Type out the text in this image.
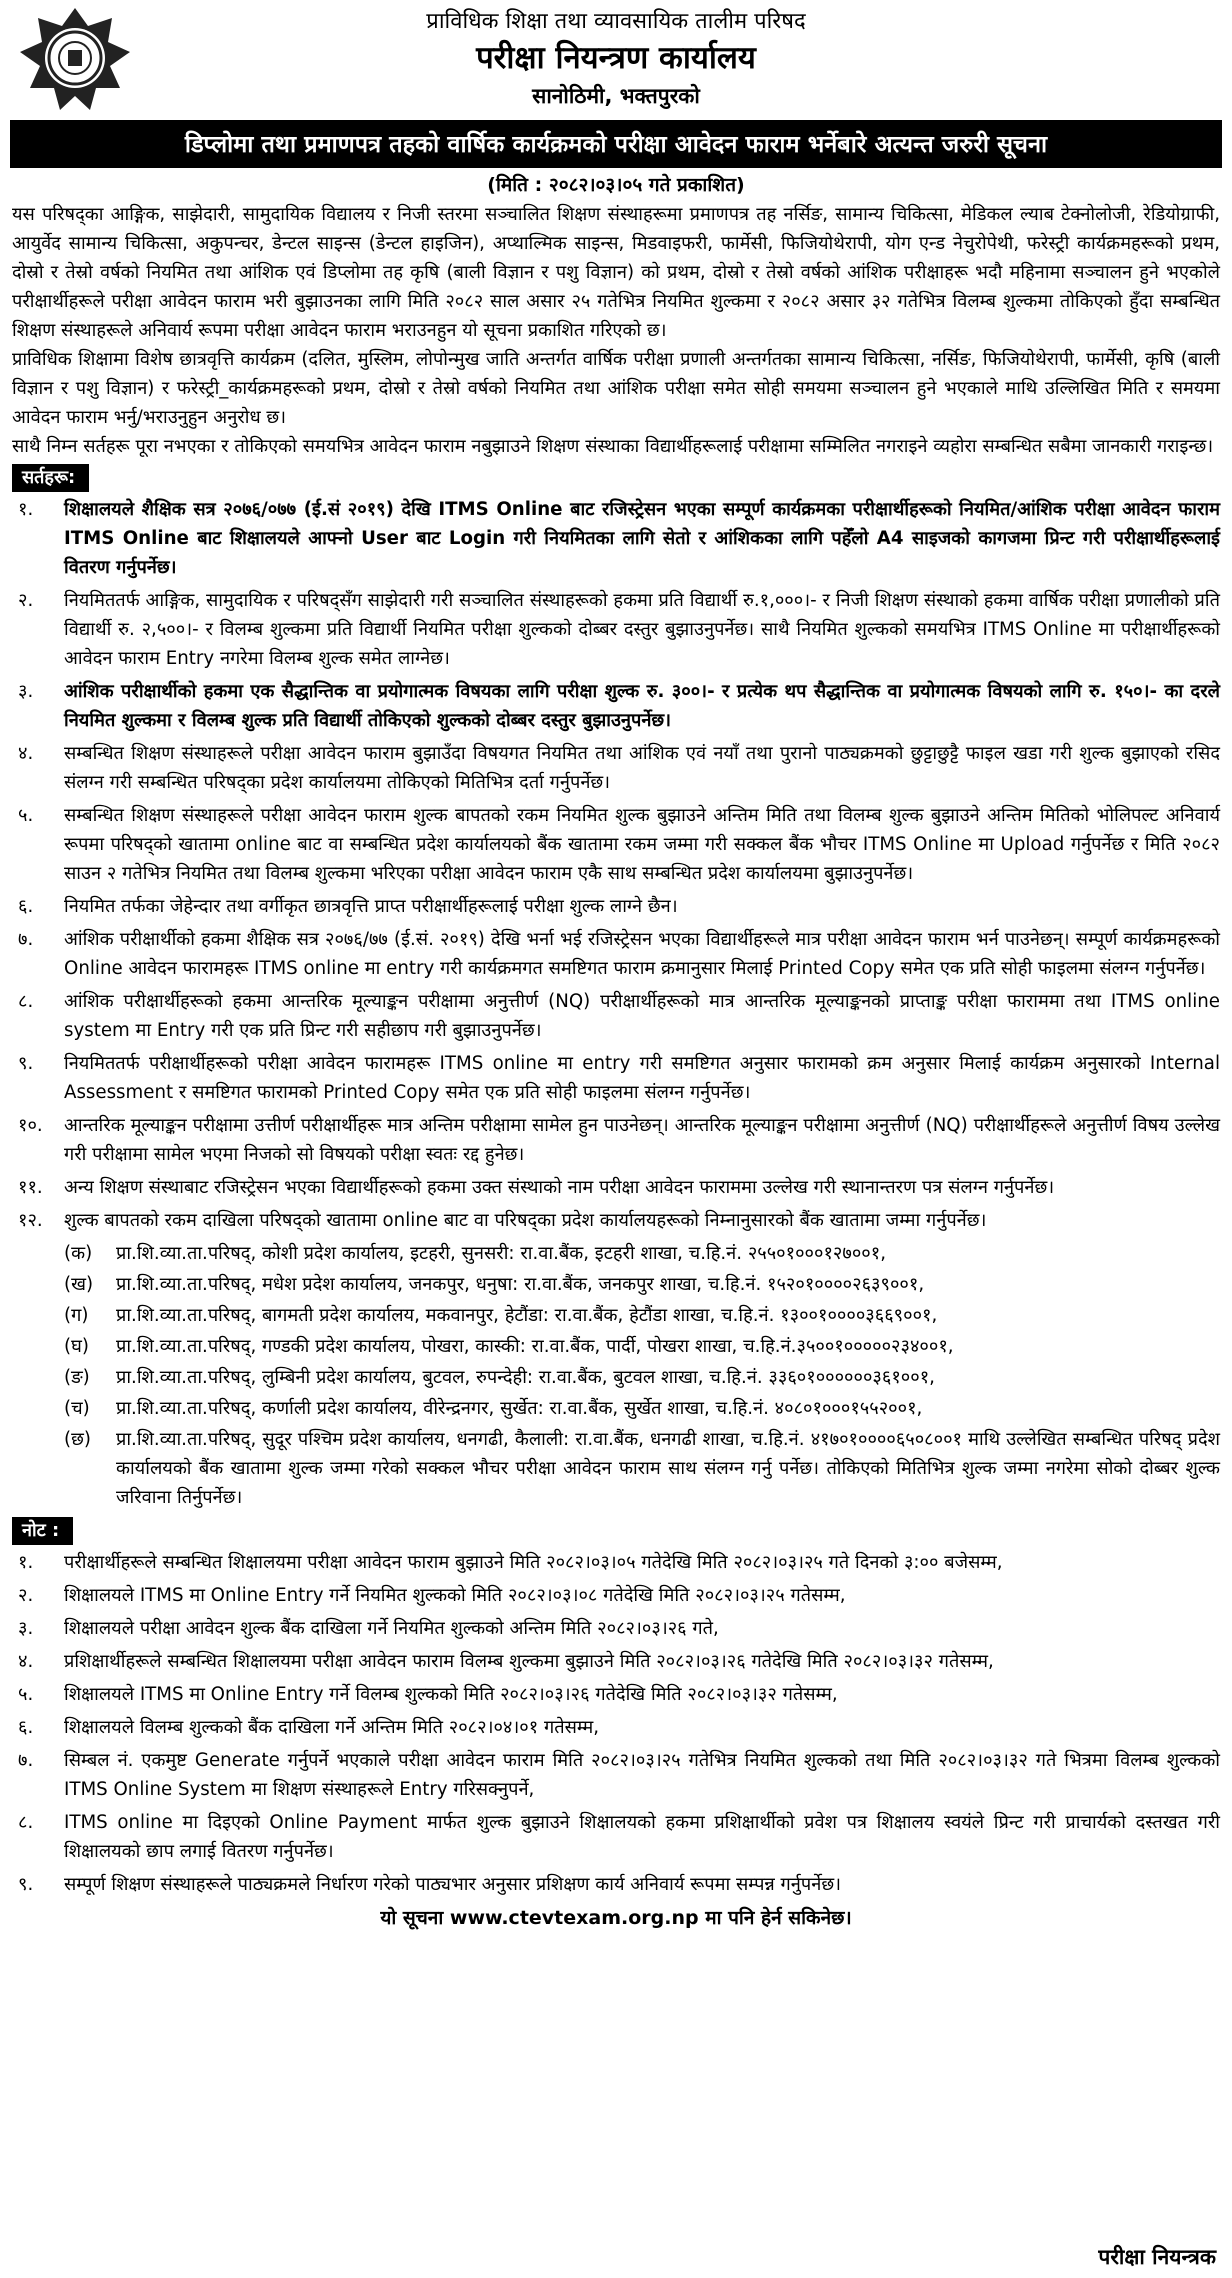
प्राविधिक शिक्षा तथा व्यावसायिक तालीम परिषद
परीक्षा नियन्त्रण कार्यालय
सानोठिमी, भक्तपुरको
डिप्लोमा तथा प्रमाणपत्र तहको वार्षिक कार्यक्रमको परीक्षा आवेदन फाराम भर्नेबारे अत्यन्त जरुरी सूचना
(मिति : २०८२।०३।०५ गते प्रकाशित)

यस परिषद्का आङ्गिक, साझेदारी, सामुदायिक विद्यालय र निजी स्तरमा सञ्चालित शिक्षण संस्थाहरूमा प्रमाणपत्र तह नर्सिङ, सामान्य चिकित्सा, मेडिकल ल्याब टेक्नोलोजी, रेडियोग्राफी, आयुर्वेद सामान्य चिकित्सा, अकुपन्चर, डेन्टल साइन्स (डेन्टल हाइजिन), अप्थाल्मिक साइन्स, मिडवाइफरी, फार्मेसी, फिजियोथेरापी, योग एन्ड नेचुरोपेथी, फरेस्ट्री कार्यक्रमहरूको प्रथम, दोस्रो र तेस्रो वर्षको नियमित तथा आंशिक एवं डिप्लोमा तह कृषि (बाली विज्ञान र पशु विज्ञान) को प्रथम, दोस्रो र तेस्रो वर्षको आंशिक परीक्षाहरू भदौ महिनामा सञ्चालन हुने भएकोले परीक्षार्थीहरूले परीक्षा आवेदन फाराम भरी बुझाउनका लागि मिति २०८२ साल असार २५ गतेभित्र नियमित शुल्कमा र २०८२ असार ३२ गतेभित्र विलम्ब शुल्कमा तोकिएको हुँदा सम्बन्धित शिक्षण संस्थाहरूले अनिवार्य रूपमा परीक्षा आवेदन फाराम भराउनहुन यो सूचना प्रकाशित गरिएको छ।

प्राविधिक शिक्षामा विशेष छात्रवृत्ति कार्यक्रम (दलित, मुस्लिम, लोपोन्मुख जाति अन्तर्गत वार्षिक परीक्षा प्रणाली अन्तर्गतका सामान्य चिकित्सा, नर्सिङ, फिजियोथेरापी, फार्मेसी, कृषि (बाली विज्ञान र पशु विज्ञान) र फरेस्ट्री_कार्यक्रमहरूको प्रथम, दोस्रो र तेस्रो वर्षको नियमित तथा आंशिक परीक्षा समेत सोही समयमा सञ्चालन हुने भएकाले माथि उल्लिखित मिति र समयमा आवेदन फाराम भर्नु/भराउनुहुन अनुरोध छ।

साथै निम्न सर्तहरू पूरा नभएका र तोकिएको समयभित्र आवेदन फाराम नबुझाउने शिक्षण संस्थाका विद्यार्थीहरूलाई परीक्षामा सम्मिलित नगराइने व्यहोरा सम्बन्धित सबैमा जानकारी गराइन्छ।

सर्तहरू:
१.	शिक्षालयले शैक्षिक सत्र २०७६/०७७ (ई.सं २०१९) देखि ITMS Online बाट रजिस्ट्रेसन भएका सम्पूर्ण कार्यक्रमका परीक्षार्थीहरूको नियमित/आंशिक परीक्षा आवेदन फाराम ITMS Online बाट शिक्षालयले आफ्नो User बाट Login गरी नियमितका लागि सेतो र आंशिकका लागि पहेँलो A4 साइजको कागजमा प्रिन्ट गरी परीक्षार्थीहरूलाई वितरण गर्नुपर्नेछ।
२.	नियमिततर्फ आङ्गिक, सामुदायिक र परिषद्सँग साझेदारी गरी सञ्चालित संस्थाहरूको हकमा प्रति विद्यार्थी रु.१,०००।- र निजी शिक्षण संस्थाको हकमा वार्षिक परीक्षा प्रणालीको प्रति विद्यार्थी रु. २,५००।- र विलम्ब शुल्कमा प्रति विद्यार्थी नियमित परीक्षा शुल्कको दोब्बर दस्तुर बुझाउनुपर्नेछ। साथै नियमित शुल्कको समयभित्र ITMS Online मा परीक्षार्थीहरूको आवेदन फाराम Entry नगरेमा विलम्ब शुल्क समेत लाग्नेछ।
३.	आंशिक परीक्षार्थीको हकमा एक सैद्धान्तिक वा प्रयोगात्मक विषयका लागि परीक्षा शुल्क रु. ३००।- र प्रत्येक थप सैद्धान्तिक वा प्रयोगात्मक विषयको लागि रु. १५०।- का दरले नियमित शुल्कमा र विलम्ब शुल्क प्रति विद्यार्थी तोकिएको शुल्कको दोब्बर दस्तुर बुझाउनुपर्नेछ।
४.	सम्बन्धित शिक्षण संस्थाहरूले परीक्षा आवेदन फाराम बुझाउँदा विषयगत नियमित तथा आंशिक एवं नयाँ तथा पुरानो पाठ्यक्रमको छुट्टाछुट्टै फाइल खडा गरी शुल्क बुझाएको रसिद संलग्न गरी सम्बन्धित परिषद्का प्रदेश कार्यालयमा तोकिएको मितिभित्र दर्ता गर्नुपर्नेछ।
५.	सम्बन्धित शिक्षण संस्थाहरूले परीक्षा आवेदन फाराम शुल्क बापतको रकम नियमित शुल्क बुझाउने अन्तिम मिति तथा विलम्ब शुल्क बुझाउने अन्तिम मितिको भोलिपल्ट अनिवार्य रूपमा परिषद्को खातामा online बाट वा सम्बन्धित प्रदेश कार्यालयको बैंक खातामा रकम जम्मा गरी सक्कल बैंक भौचर ITMS Online मा Upload गर्नुपर्नेछ र मिति २०८२ साउन २ गतेभित्र नियमित तथा विलम्ब शुल्कमा भरिएका परीक्षा आवेदन फाराम एकै साथ सम्बन्धित प्रदेश कार्यालयमा बुझाउनुपर्नेछ।
६.	नियमित तर्फका जेहेन्दार तथा वर्गीकृत छात्रवृत्ति प्राप्त परीक्षार्थीहरूलाई परीक्षा शुल्क लाग्ने छैन।
७.	आंशिक परीक्षार्थीको हकमा शैक्षिक सत्र २०७६/७७ (ई.सं. २०१९) देखि भर्ना भई रजिस्ट्रेसन भएका विद्यार्थीहरूले मात्र परीक्षा आवेदन फाराम भर्न पाउनेछन्। सम्पूर्ण कार्यक्रमहरूको Online आवेदन फारामहरू ITMS online मा entry गरी कार्यक्रमगत समष्टिगत फाराम क्रमानुसार मिलाई Printed Copy समेत एक प्रति सोही फाइलमा संलग्न गर्नुपर्नेछ।
८.	आंशिक परीक्षार्थीहरूको हकमा आन्तरिक मूल्याङ्कन परीक्षामा अनुत्तीर्ण (NQ) परीक्षार्थीहरूको मात्र आन्तरिक मूल्याङ्कनको प्राप्ताङ्क परीक्षा फाराममा तथा ITMS online system मा Entry गरी एक प्रति प्रिन्ट गरी सहीछाप गरी बुझाउनुपर्नेछ।
९.	नियमिततर्फ परीक्षार्थीहरूको परीक्षा आवेदन फारामहरू ITMS online मा entry गरी समष्टिगत अनुसार फारामको क्रम अनुसार मिलाई कार्यक्रम अनुसारको Internal Assessment र समष्टिगत फारामको Printed Copy समेत एक प्रति सोही फाइलमा संलग्न गर्नुपर्नेछ।
१०.	आन्तरिक मूल्याङ्कन परीक्षामा उत्तीर्ण परीक्षार्थीहरू मात्र अन्तिम परीक्षामा सामेल हुन पाउनेछन्। आन्तरिक मूल्याङ्कन परीक्षामा अनुत्तीर्ण (NQ) परीक्षार्थीहरूले अनुत्तीर्ण विषय उल्लेख गरी परीक्षामा सामेल भएमा निजको सो विषयको परीक्षा स्वतः रद्द हुनेछ।
११.	अन्य शिक्षण संस्थाबाट रजिस्ट्रेसन भएका विद्यार्थीहरूको हकमा उक्त संस्थाको नाम परीक्षा आवेदन फाराममा उल्लेख गरी स्थानान्तरण पत्र संलग्न गर्नुपर्नेछ।
१२.	शुल्क बापतको रकम दाखिला परिषद्को खातामा online बाट वा परिषद्का प्रदेश कार्यालयहरूको निम्नानुसारको बैंक खातामा जम्मा गर्नुपर्नेछ।
(क)	प्रा.शि.व्या.ता.परिषद्, कोशी प्रदेश कार्यालय, इटहरी, सुनसरी: रा.वा.बैंक, इटहरी शाखा, च.हि.नं. २५५०१०००१२७००१,
(ख)	प्रा.शि.व्या.ता.परिषद्, मधेश प्रदेश कार्यालय, जनकपुर, धनुषा: रा.वा.बैंक, जनकपुर शाखा, च.हि.नं. १५२०१००००२६३९००१,
(ग)	प्रा.शि.व्या.ता.परिषद्, बागमती प्रदेश कार्यालय, मकवानपुर, हेटौंडा: रा.वा.बैंक, हेटौंडा शाखा, च.हि.नं. १३००१००००३६६९००१,
(घ)	प्रा.शि.व्या.ता.परिषद्, गण्डकी प्रदेश कार्यालय, पोखरा, कास्की: रा.वा.बैंक, पार्दी, पोखरा शाखा, च.हि.नं.३५००१०००००२३४००१,
(ङ)	प्रा.शि.व्या.ता.परिषद्, लुम्बिनी प्रदेश कार्यालय, बुटवल, रुपन्देही: रा.वा.बैंक, बुटवल शाखा, च.हि.नं. ३३६०१००००००३६१००१,
(च)	प्रा.शि.व्या.ता.परिषद्, कर्णाली प्रदेश कार्यालय, वीरेन्द्रनगर, सुर्खेत: रा.वा.बैंक, सुर्खेत शाखा, च.हि.नं. ४०८०१०००१५५२००१,
(छ)	प्रा.शि.व्या.ता.परिषद्, सुदूर पश्चिम प्रदेश कार्यालय, धनगढी, कैलाली: रा.वा.बैंक, धनगढी शाखा, च.हि.नं. ४१७०१००००६५०८००१ माथि उल्लेखित सम्बन्धित परिषद् प्रदेश कार्यालयको बैंक खातामा शुल्क जम्मा गरेको सक्कल भौचर परीक्षा आवेदन फाराम साथ संलग्न गर्नु पर्नेछ। तोकिएको मितिभित्र शुल्क जम्मा नगरेमा सोको दोब्बर शुल्क जरिवाना तिर्नुपर्नेछ।
नोट :
१.	परीक्षार्थीहरूले सम्बन्धित शिक्षालयमा परीक्षा आवेदन फाराम बुझाउने मिति २०८२।०३।०५ गतेदेखि मिति २०८२।०३।२५ गते दिनको ३:०० बजेसम्म,
२.	शिक्षालयले ITMS मा Online Entry गर्ने नियमित शुल्कको मिति २०८२।०३।०८ गतेदेखि मिति २०८२।०३।२५ गतेसम्म,
३.	शिक्षालयले परीक्षा आवेदन शुल्क बैंक दाखिला गर्ने नियमित शुल्कको अन्तिम मिति २०८२।०३।२६ गते,
४.	प्रशिक्षार्थीहरूले सम्बन्धित शिक्षालयमा परीक्षा आवेदन फाराम विलम्ब शुल्कमा बुझाउने मिति २०८२।०३।२६ गतेदेखि मिति २०८२।०३।३२ गतेसम्म,
५.	शिक्षालयले ITMS मा Online Entry गर्ने विलम्ब शुल्कको मिति २०८२।०३।२६ गतेदेखि मिति २०८२।०३।३२ गतेसम्म,
६.	शिक्षालयले विलम्ब शुल्कको बैंक दाखिला गर्ने अन्तिम मिति २०८२।०४।०१ गतेसम्म,
७.	सिम्बल नं. एकमुष्ट Generate गर्नुपर्ने भएकाले परीक्षा आवेदन फाराम मिति २०८२।०३।२५ गतेभित्र नियमित शुल्कको तथा मिति २०८२।०३।३२ गते भित्रमा विलम्ब शुल्कको ITMS Online System मा शिक्षण संस्थाहरूले Entry गरिसक्नुपर्ने,
८.	ITMS online मा दिइएको Online Payment मार्फत शुल्क बुझाउने शिक्षालयको हकमा प्रशिक्षार्थीको प्रवेश पत्र शिक्षालय स्वयंले प्रिन्ट गरी प्राचार्यको दस्तखत गरी शिक्षालयको छाप लगाई वितरण गर्नुपर्नेछ।
९.	सम्पूर्ण शिक्षण संस्थाहरूले पाठ्यक्रमले निर्धारण गरेको पाठ्यभार अनुसार प्रशिक्षण कार्य अनिवार्य रूपमा सम्पन्न गर्नुपर्नेछ।
यो सूचना www.ctevtexam.org.np मा पनि हेर्न सकिनेछ।
परीक्षा नियन्त्रक
